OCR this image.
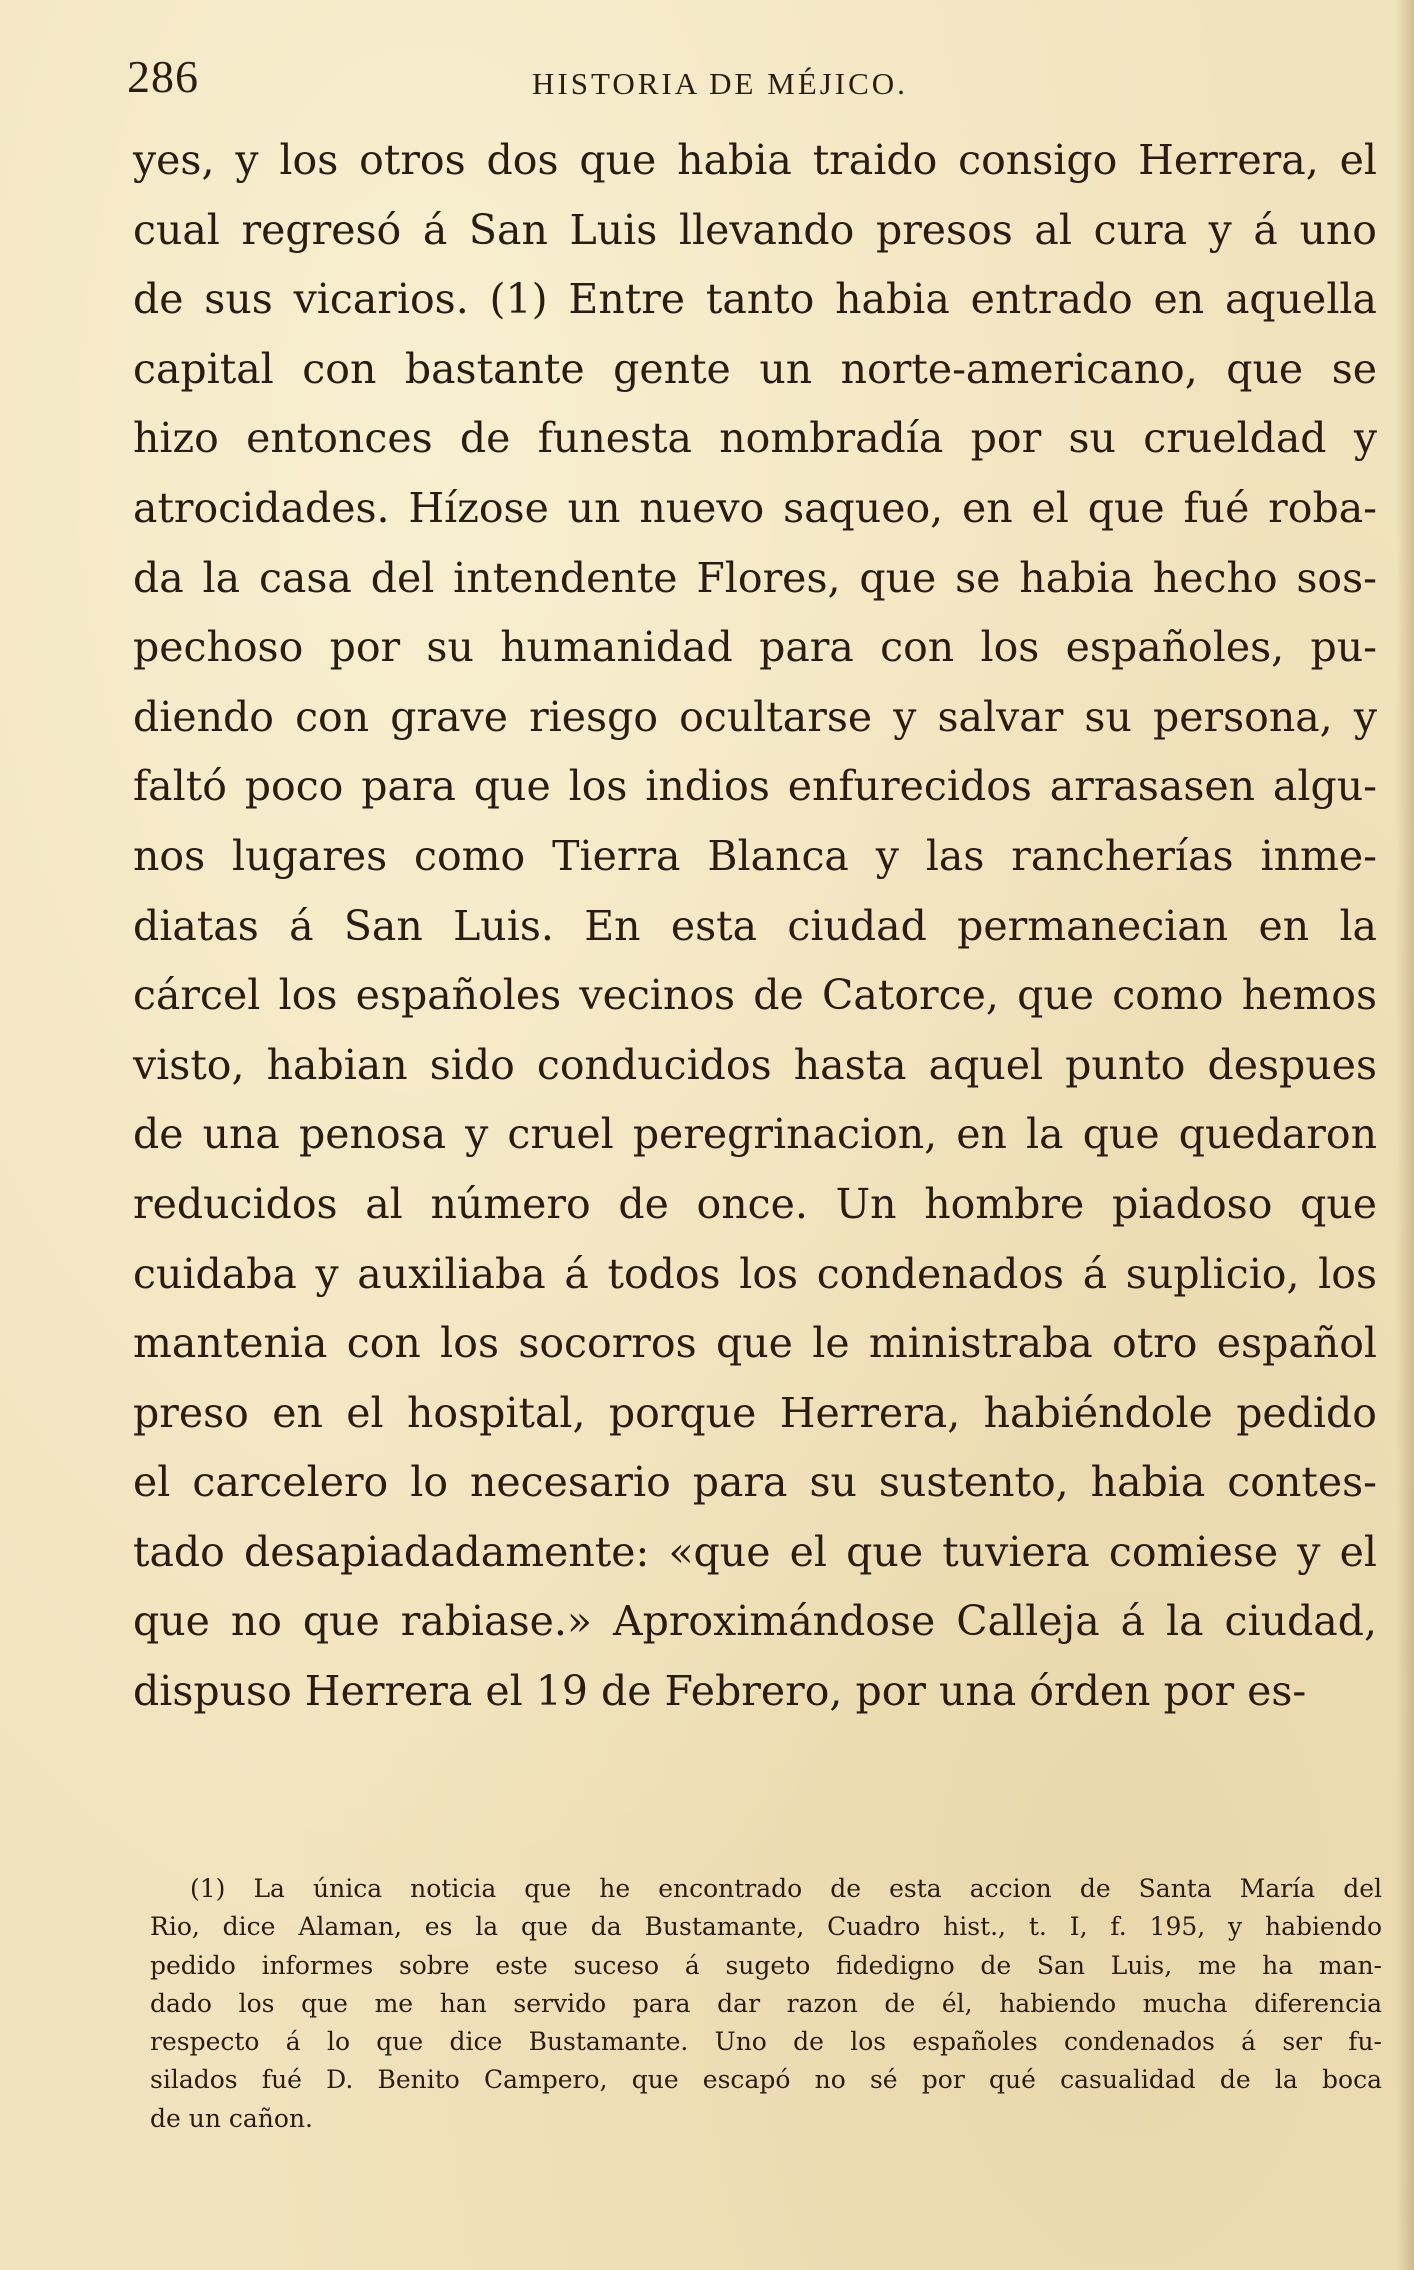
286	HISTORIA DE MÉJICO.
yes, y los otros dos que habia traido consigo Herrera, el
cual regresó á San Luis llevando presos al cura y á uno
de sus vicarios. (1) Entre tanto habia entrado en aquella
capital con bastante gente un norte-americano, que se
hizo entonces de funesta nombradía por su crueldad y
atrocidades. Hízose un nuevo saqueo, en el que fué roba-
da la casa del intendente Flores, que se habia hecho sos-
pechoso por su humanidad para con los españoles, pu-
diendo con grave riesgo ocultarse y salvar su persona, y
faltó poco para que los indios enfurecidos arrasasen algu-
nos lugares como Tierra Blanca y las rancherías inme-
diatas á San Luis. En esta ciudad permanecian en la
cárcel los españoles vecinos de Catorce, que como hemos
visto, habian sido conducidos hasta aquel punto despues
de una penosa y cruel peregrinacion, en la que quedaron
reducidos al número de once. Un hombre piadoso que
cuidaba y auxiliaba á todos los condenados á suplicio, los
mantenia con los socorros que le ministraba otro español
preso en el hospital, porque Herrera, habiéndole pedido
el carcelero lo necesario para su sustento, habia contes-
tado desapiadadamente: «que el que tuviera comiese y el
que no que rabiase.» Aproximándose Calleja á la ciudad,
dispuso Herrera el 19 de Febrero, por una órden por es-
(1) La única noticia que he encontrado de esta accion de Santa María del
Rio, dice Alaman, es la que da Bustamante, Cuadro hist., t. I, f. 195, y habiendo
pedido informes sobre este suceso á sugeto fidedigno de San Luis, me ha man-
dado los que me han servido para dar razon de él, habiendo mucha diferencia
respecto á lo que dice Bustamante. Uno de los españoles condenados á ser fu-
silados fué D. Benito Campero, que escapó no sé por qué casualidad de la boca
de un cañon.
